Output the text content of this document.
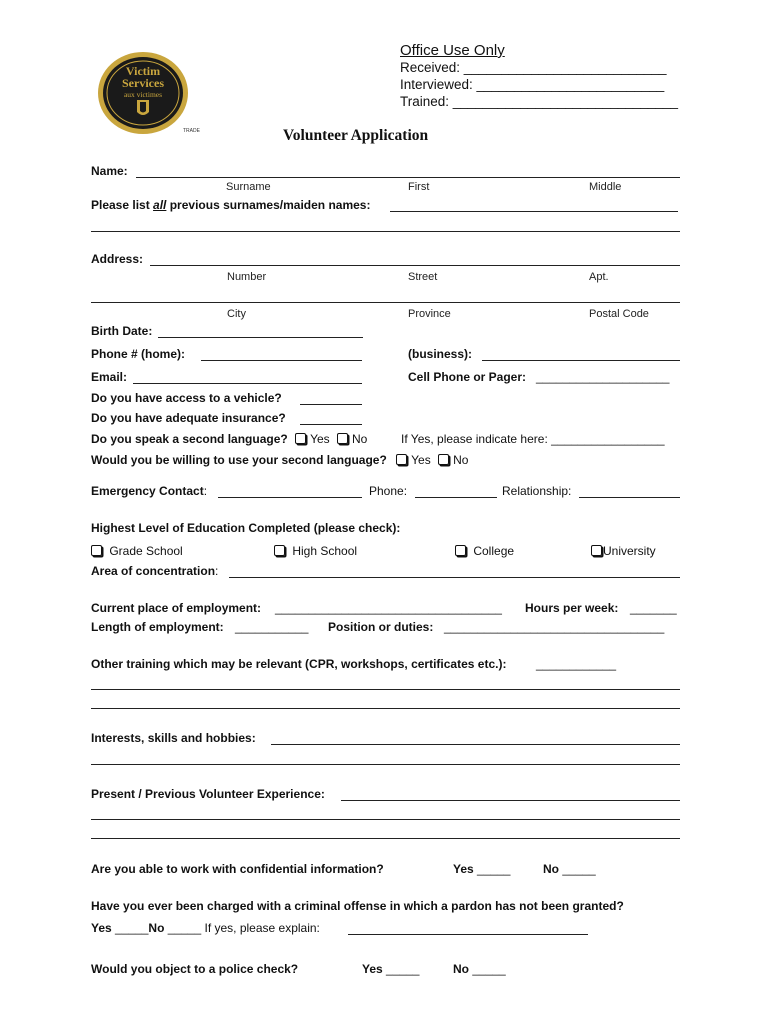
Victim
Services
aux victimes
TRADE
Office Use Only
Received: ___________________________
Interviewed: _________________________
Trained: ______________________________
Volunteer Application
Name:
Surname	First	Middle
Please list all previous surnames/maiden names:
Address:
Number	Street	Apt.
City	Province	Postal Code
Birth Date:
Phone # (home):	(business):
Email:	Cell Phone or Pager: ____________________
Do you have access to a vehicle?
Do you have adequate insurance?
Do you speak a second language? Yes No	If Yes, please indicate here: _________________
Would you be willing to use your second language? Yes No
Emergency Contact:	Phone:	Relationship:
Highest Level of Education Completed (please check):
Grade School	High School	College	University
Area of concentration:
Current place of employment: __________________________________ Hours per week: _______
Length of employment: ___________ Position or duties: _________________________________
Other training which may be relevant (CPR, workshops, certificates etc.): ____________
Interests, skills and hobbies:
Present / Previous Volunteer Experience:
Are you able to work with confidential information?	Yes _____	No _____
Have you ever been charged with a criminal offense in which a pardon has not been granted?
Yes _____No _____ If yes, please explain:
Would you object to a police check?	Yes _____	No _____
